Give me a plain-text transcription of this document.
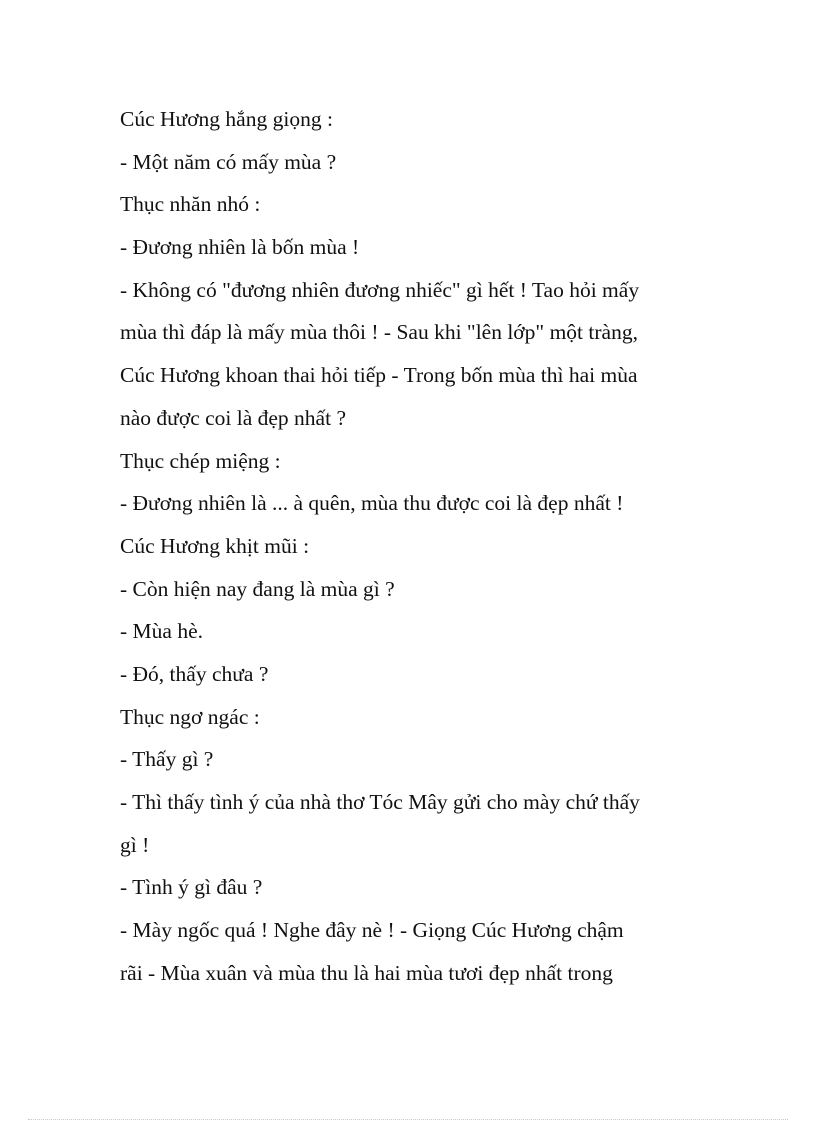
Cúc Hương hắng giọng :
- Một năm có mấy mùa ?
Thục nhăn nhó :
- Đương nhiên là bốn mùa !
- Không có "đương nhiên đương nhiếc" gì hết ! Tao hỏi mấy
mùa thì đáp là mấy mùa thôi ! - Sau khi "lên lớp" một tràng,
Cúc Hương khoan thai hỏi tiếp - Trong bốn mùa thì hai mùa
nào được coi là đẹp nhất ?
Thục chép miệng :
- Đương nhiên là ... à quên, mùa thu được coi là đẹp nhất !
Cúc Hương khịt mũi :
- Còn hiện nay đang là mùa gì ?
- Mùa hè.
- Đó, thấy chưa ?
Thục ngơ ngác :
- Thấy gì ?
- Thì thấy tình ý của nhà thơ Tóc Mây gửi cho mày chứ thấy
gì !
- Tình ý gì đâu ?
- Mày ngốc quá ! Nghe đây nè ! - Giọng Cúc Hương chậm
rãi - Mùa xuân và mùa thu là hai mùa tươi đẹp nhất trong
